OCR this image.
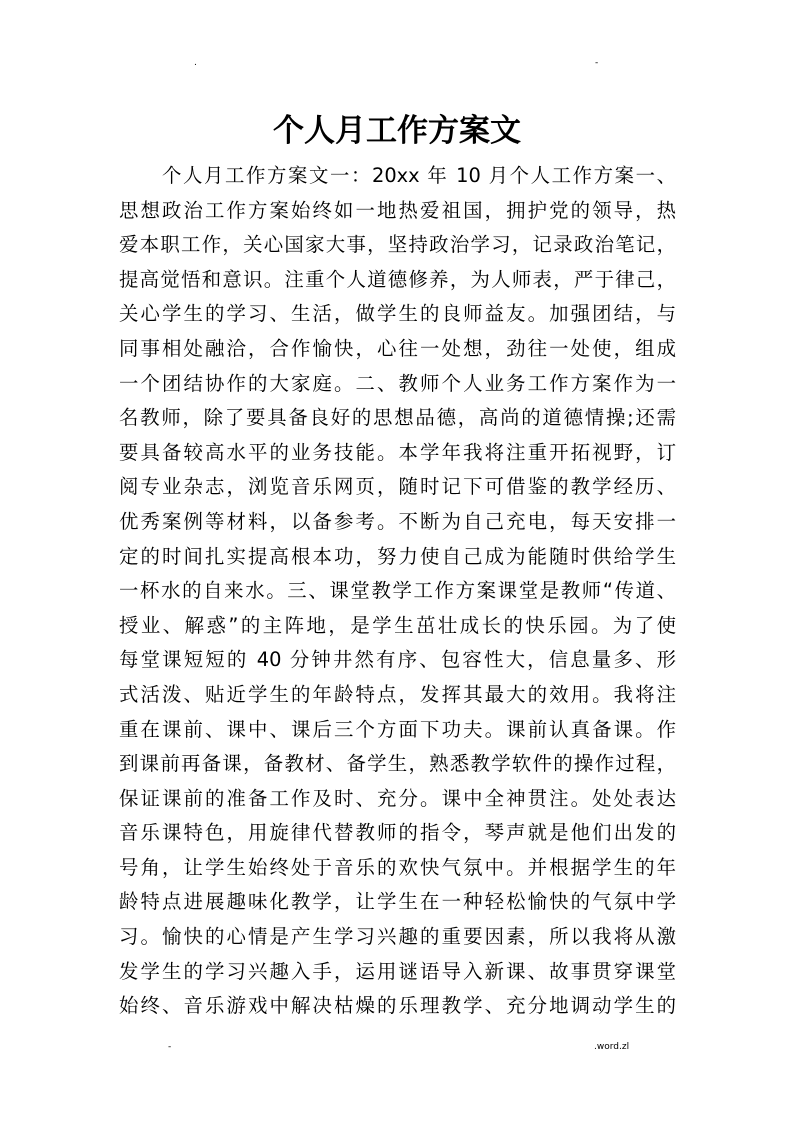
.	-
个人月工作方案文
个人月工作方案文一：20xx 年 10 月个人工作方案一、
思想政治工作方案始终如一地热爱祖国，拥护党的领导，热
爱本职工作，关心国家大事，坚持政治学习，记录政治笔记，
提高觉悟和意识。注重个人道德修养，为人师表，严于律己，
关心学生的学习、生活，做学生的良师益友。加强团结，与
同事相处融洽，合作愉快，心往一处想，劲往一处使，组成
一个团结协作的大家庭。二、教师个人业务工作方案作为一
名教师，除了要具备良好的思想品德，高尚的道德情操;还需
要具备较高水平的业务技能。本学年我将注重开拓视野，订
阅专业杂志，浏览音乐网页，随时记下可借鉴的教学经历、
优秀案例等材料，以备参考。不断为自己充电，每天安排一
定的时间扎实提高根本功，努力使自己成为能随时供给学生
一杯水的自来水。三、课堂教学工作方案课堂是教师“传道、
授业、解惑”的主阵地，是学生茁壮成长的快乐园。为了使
每堂课短短的 40 分钟井然有序、包容性大，信息量多、形
式活泼、贴近学生的年龄特点，发挥其最大的效用。我将注
重在课前、课中、课后三个方面下功夫。课前认真备课。作
到课前再备课，备教材、备学生，熟悉教学软件的操作过程，
保证课前的准备工作及时、充分。课中全神贯注。处处表达
音乐课特色，用旋律代替教师的指令，琴声就是他们出发的
号角，让学生始终处于音乐的欢快气氛中。并根据学生的年
龄特点进展趣味化教学，让学生在一种轻松愉快的气氛中学
习。愉快的心情是产生学习兴趣的重要因素，所以我将从激
发学生的学习兴趣入手，运用谜语导入新课、故事贯穿课堂
始终、音乐游戏中解决枯燥的乐理教学、充分地调动学生的
-	.word.zl
